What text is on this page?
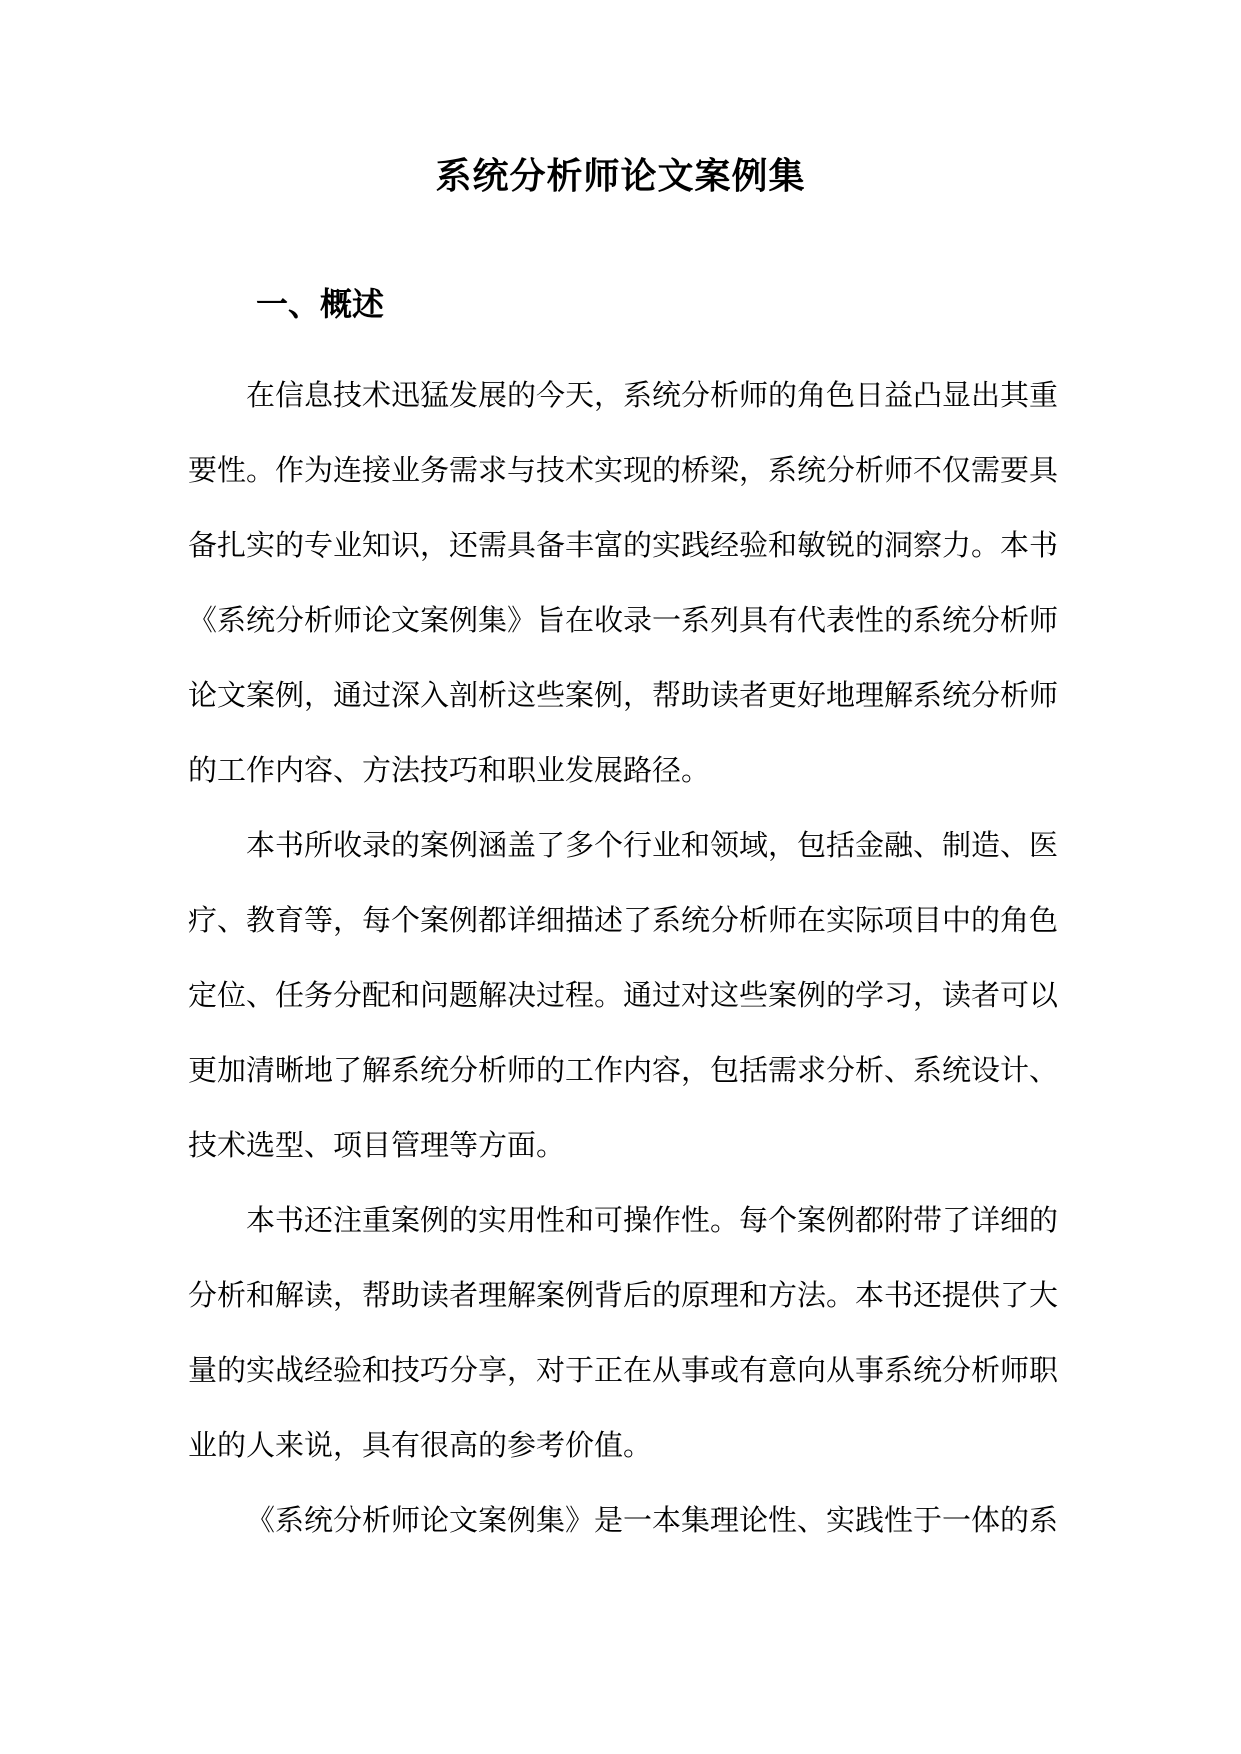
系统分析师论文案例集
一、概述

在信息技术迅猛发展的今天，系统分析师的角色日益凸显出其重要性。作为连接业务需求与技术实现的桥梁，系统分析师不仅需要具备扎实的专业知识，还需具备丰富的实践经验和敏锐的洞察力。本书《系统分析师论文案例集》旨在收录一系列具有代表性的系统分析师论文案例，通过深入剖析这些案例，帮助读者更好地理解系统分析师的工作内容、方法技巧和职业发展路径。

本书所收录的案例涵盖了多个行业和领域，包括金融、制造、医疗、教育等，每个案例都详细描述了系统分析师在实际项目中的角色定位、任务分配和问题解决过程。通过对这些案例的学习，读者可以更加清晰地了解系统分析师的工作内容，包括需求分析、系统设计、技术选型、项目管理等方面。

本书还注重案例的实用性和可操作性。每个案例都附带了详细的分析和解读，帮助读者理解案例背后的原理和方法。本书还提供了大量的实战经验和技巧分享，对于正在从事或有意向从事系统分析师职业的人来说，具有很高的参考价值。

《系统分析师论文案例集》是一本集理论性、实践性于一体的系
